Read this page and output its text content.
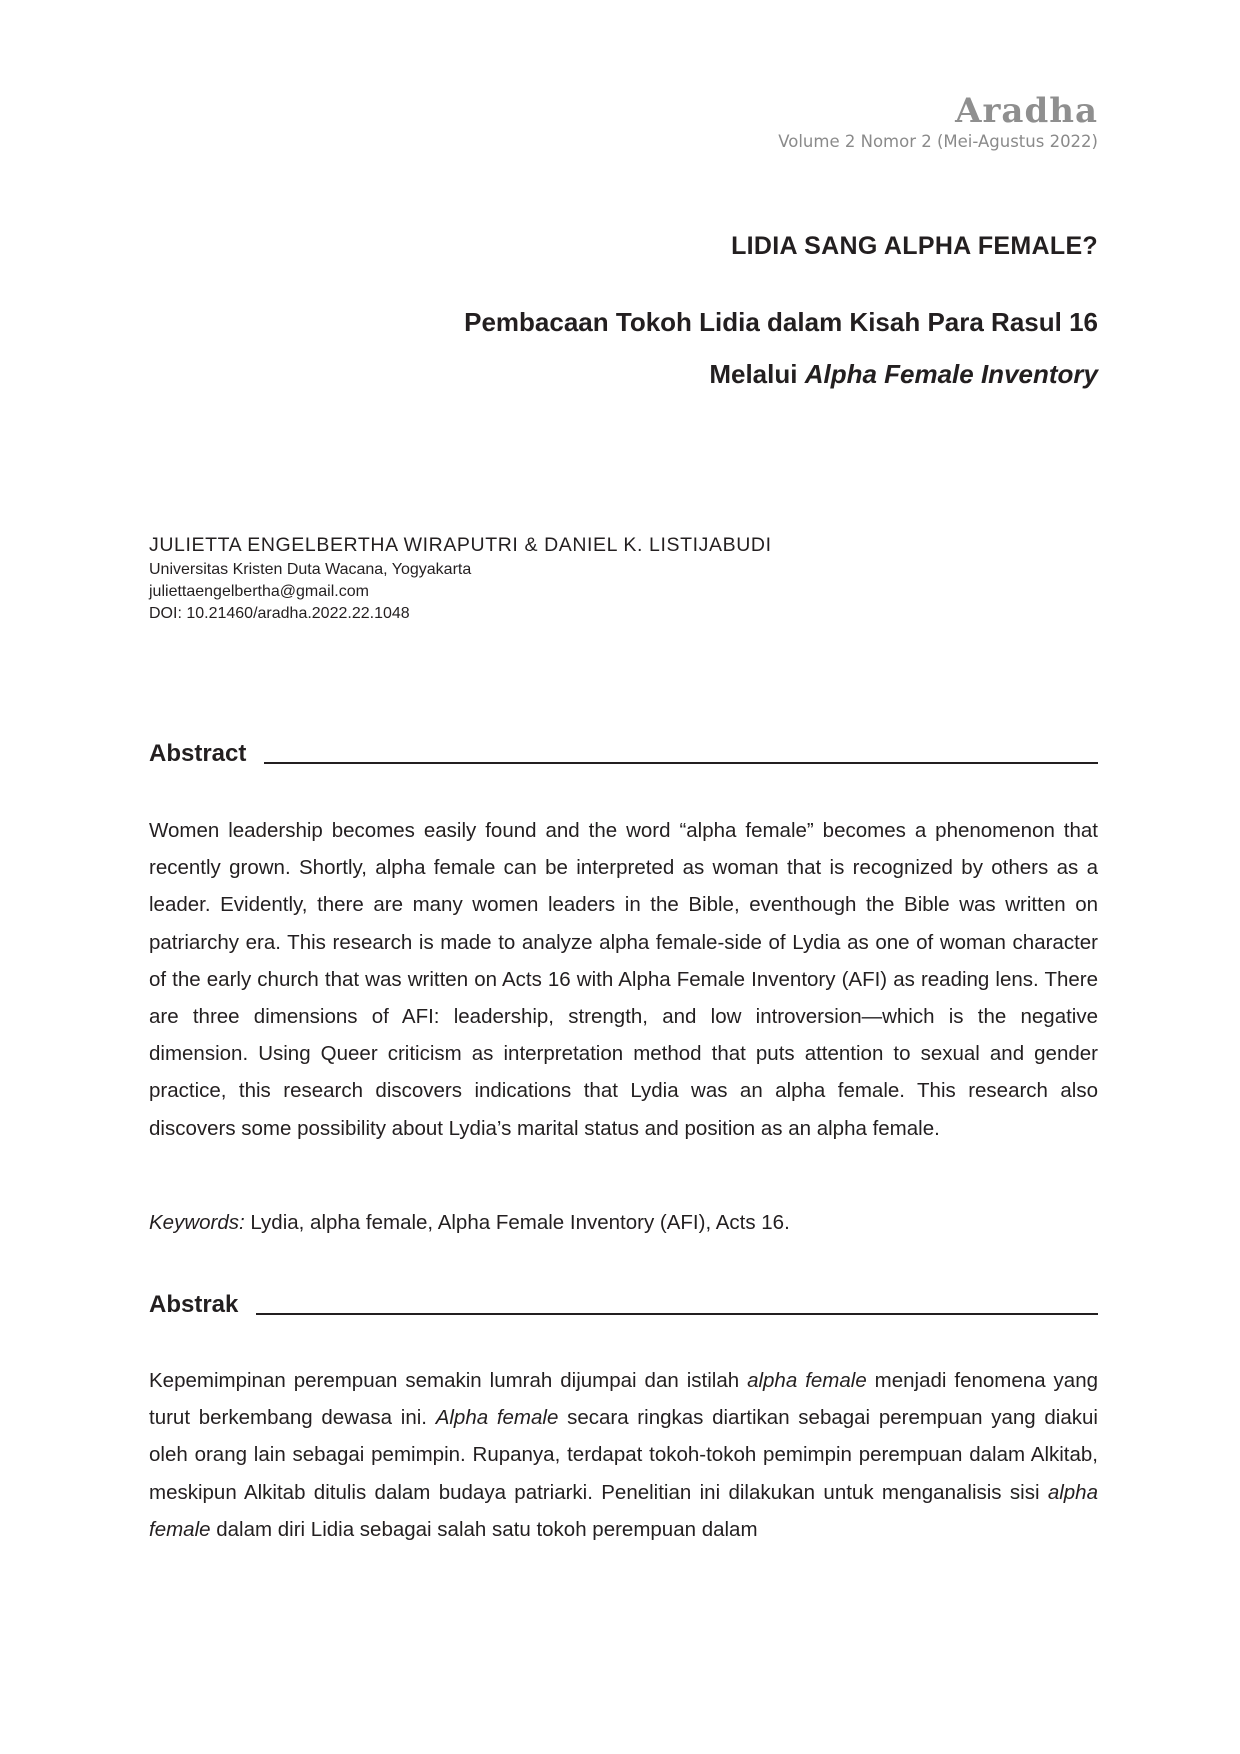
Aradha
Volume 2 Nomor 2 (Mei-Agustus 2022)
LIDIA SANG ALPHA FEMALE?
Pembacaan Tokoh Lidia dalam Kisah Para Rasul 16
Melalui Alpha Female Inventory
JULIETTA ENGELBERTHA WIRAPUTRI & DANIEL K. LISTIJABUDI
Universitas Kristen Duta Wacana, Yogyakarta
juliettaengelbertha@gmail.com
DOI: 10.21460/aradha.2022.22.1048
Abstract
Women leadership becomes easily found and the word “alpha female” becomes a phenomenon that recently grown. Shortly, alpha female can be interpreted as woman that is recognized by others as a leader. Evidently, there are many women leaders in the Bible, eventhough the Bible was written on patriarchy era. This research is made to analyze alpha female-side of Lydia as one of woman character of the early church that was written on Acts 16 with Alpha Female Inventory (AFI) as reading lens. There are three dimensions of AFI: leadership, strength, and low introversion—which is the negative dimension. Using Queer criticism as interpretation method that puts attention to sexual and gender practice, this research discovers indications that Lydia was an alpha female. This research also discovers some possibility about Lydia’s marital status and position as an alpha female.
Keywords: Lydia, alpha female, Alpha Female Inventory (AFI), Acts 16.
Abstrak
Kepemimpinan perempuan semakin lumrah dijumpai dan istilah alpha female menjadi fenomena yang turut berkembang dewasa ini. Alpha female secara ringkas diartikan sebagai perempuan yang diakui oleh orang lain sebagai pemimpin. Rupanya, terdapat tokoh-tokoh pemimpin perempuan dalam Alkitab, meskipun Alkitab ditulis dalam budaya patriarki. Penelitian ini dilakukan untuk menganalisis sisi alpha female dalam diri Lidia sebagai salah satu tokoh perempuan dalam
